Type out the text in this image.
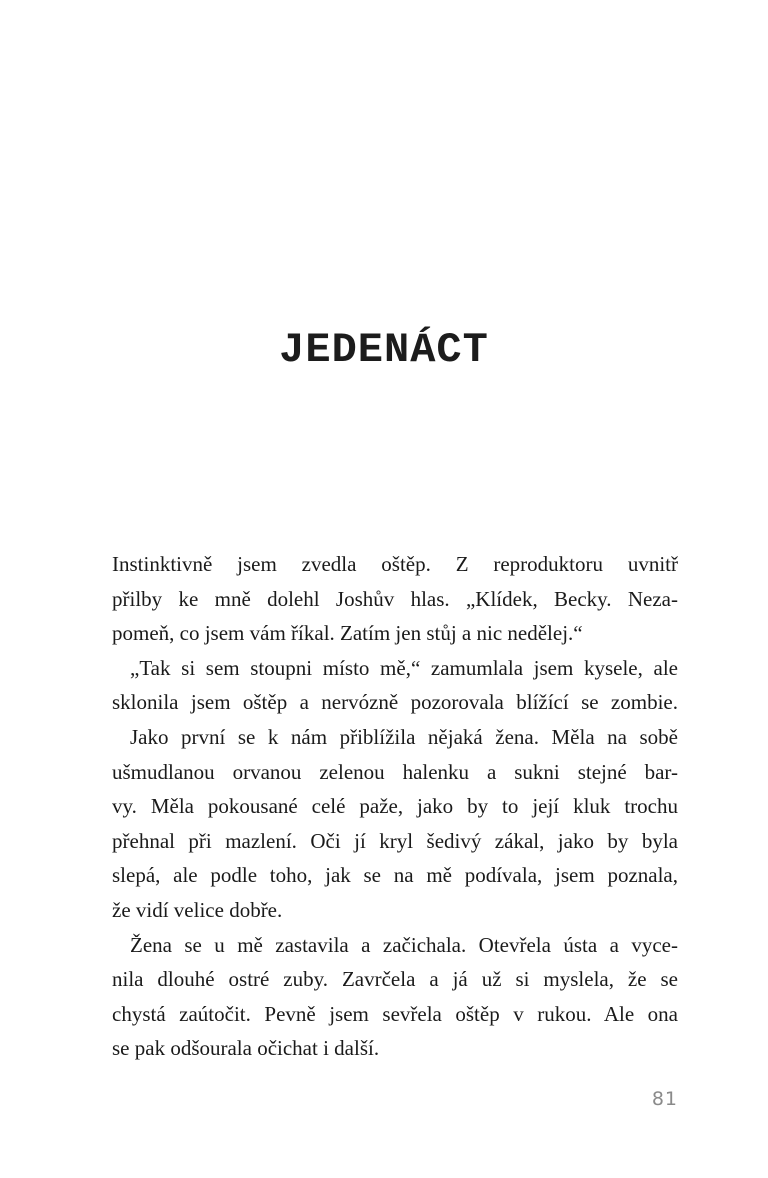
JEDENÁCT
Instinktivně jsem zvedla oštěp. Z reproduktoru uvnitř
přilby ke mně dolehl Joshův hlas. „Klídek, Becky. Neza-
pomeň, co jsem vám říkal. Zatím jen stůj a nic nedělej.“
„Tak si sem stoupni místo mě,“ zamumlala jsem kysele, ale
sklonila jsem oštěp a nervózně pozorovala blížící se zombie.
Jako první se k nám přiblížila nějaká žena. Měla na sobě
ušmudlanou orvanou zelenou halenku a sukni stejné bar-
vy. Měla pokousané celé paže, jako by to její kluk trochu
přehnal při mazlení. Oči jí kryl šedivý zákal, jako by byla
slepá, ale podle toho, jak se na mě podívala, jsem poznala,
že vidí velice dobře.
Žena se u mě zastavila a začichala. Otevřela ústa a vyce-
nila dlouhé ostré zuby. Zavrčela a já už si myslela, že se
chystá zaútočit. Pevně jsem sevřela oštěp v rukou. Ale ona
se pak odšourala očichat i další.
81
